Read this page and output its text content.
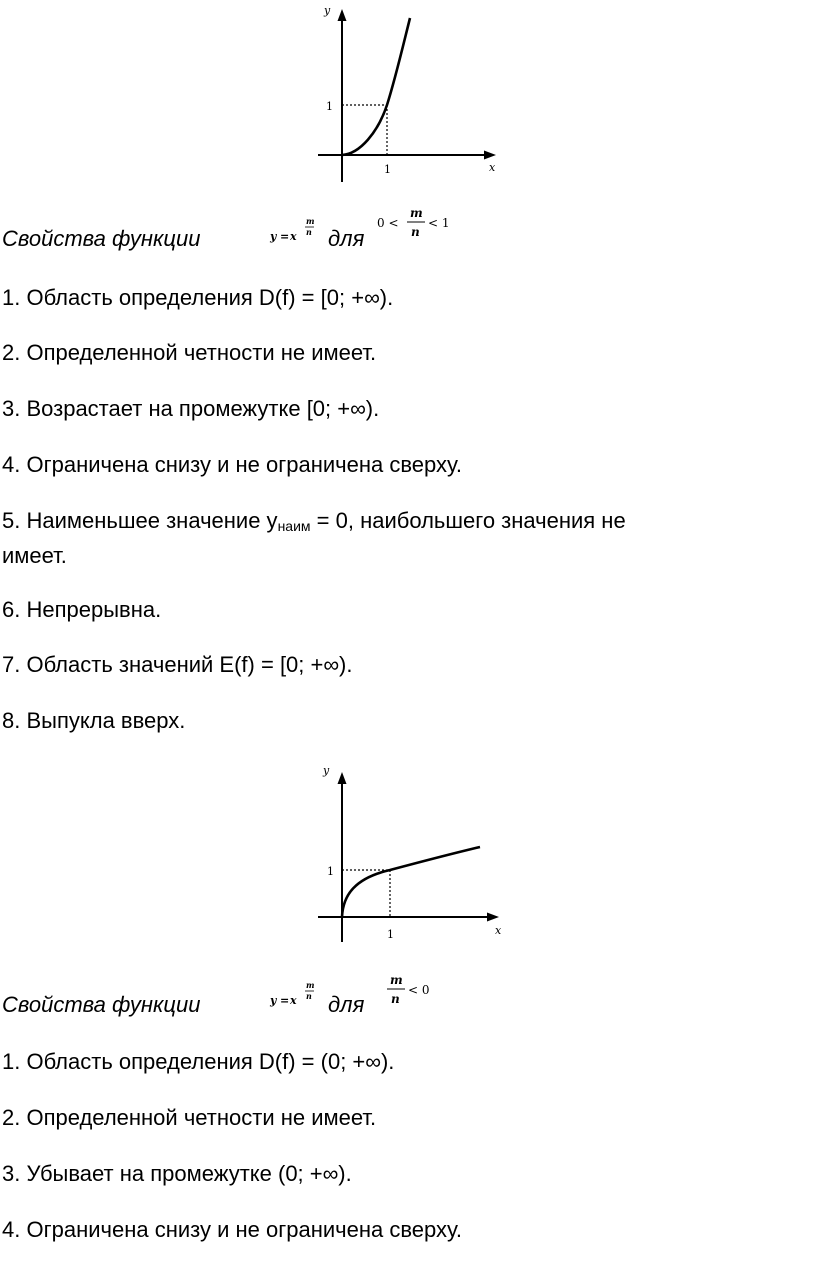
y
x
1
1
y
x
1
1
y = x
m
n
0 <
m
n
< 1
y = x
m
n
m
n
< 0
Свойства функции	для
1. Область определения D(f) = [0; +∞).
2. Определенной четности не имеет.
3. Возрастает на промежутке [0; +∞).
4. Ограничена снизу и не ограничена сверху.
5. Наименьшее значение $y_{наим} = 0$, наибольшего значения не
имеет.
6. Непрерывна.
7. Область значений E(f) = [0; +∞).
8. Выпукла вверх.
Свойства функции	для
1. Область определения D(f) = (0; +∞).
2. Определенной четности не имеет.
3. Убывает на промежутке (0; +∞).
4. Ограничена снизу и не ограничена сверху.
